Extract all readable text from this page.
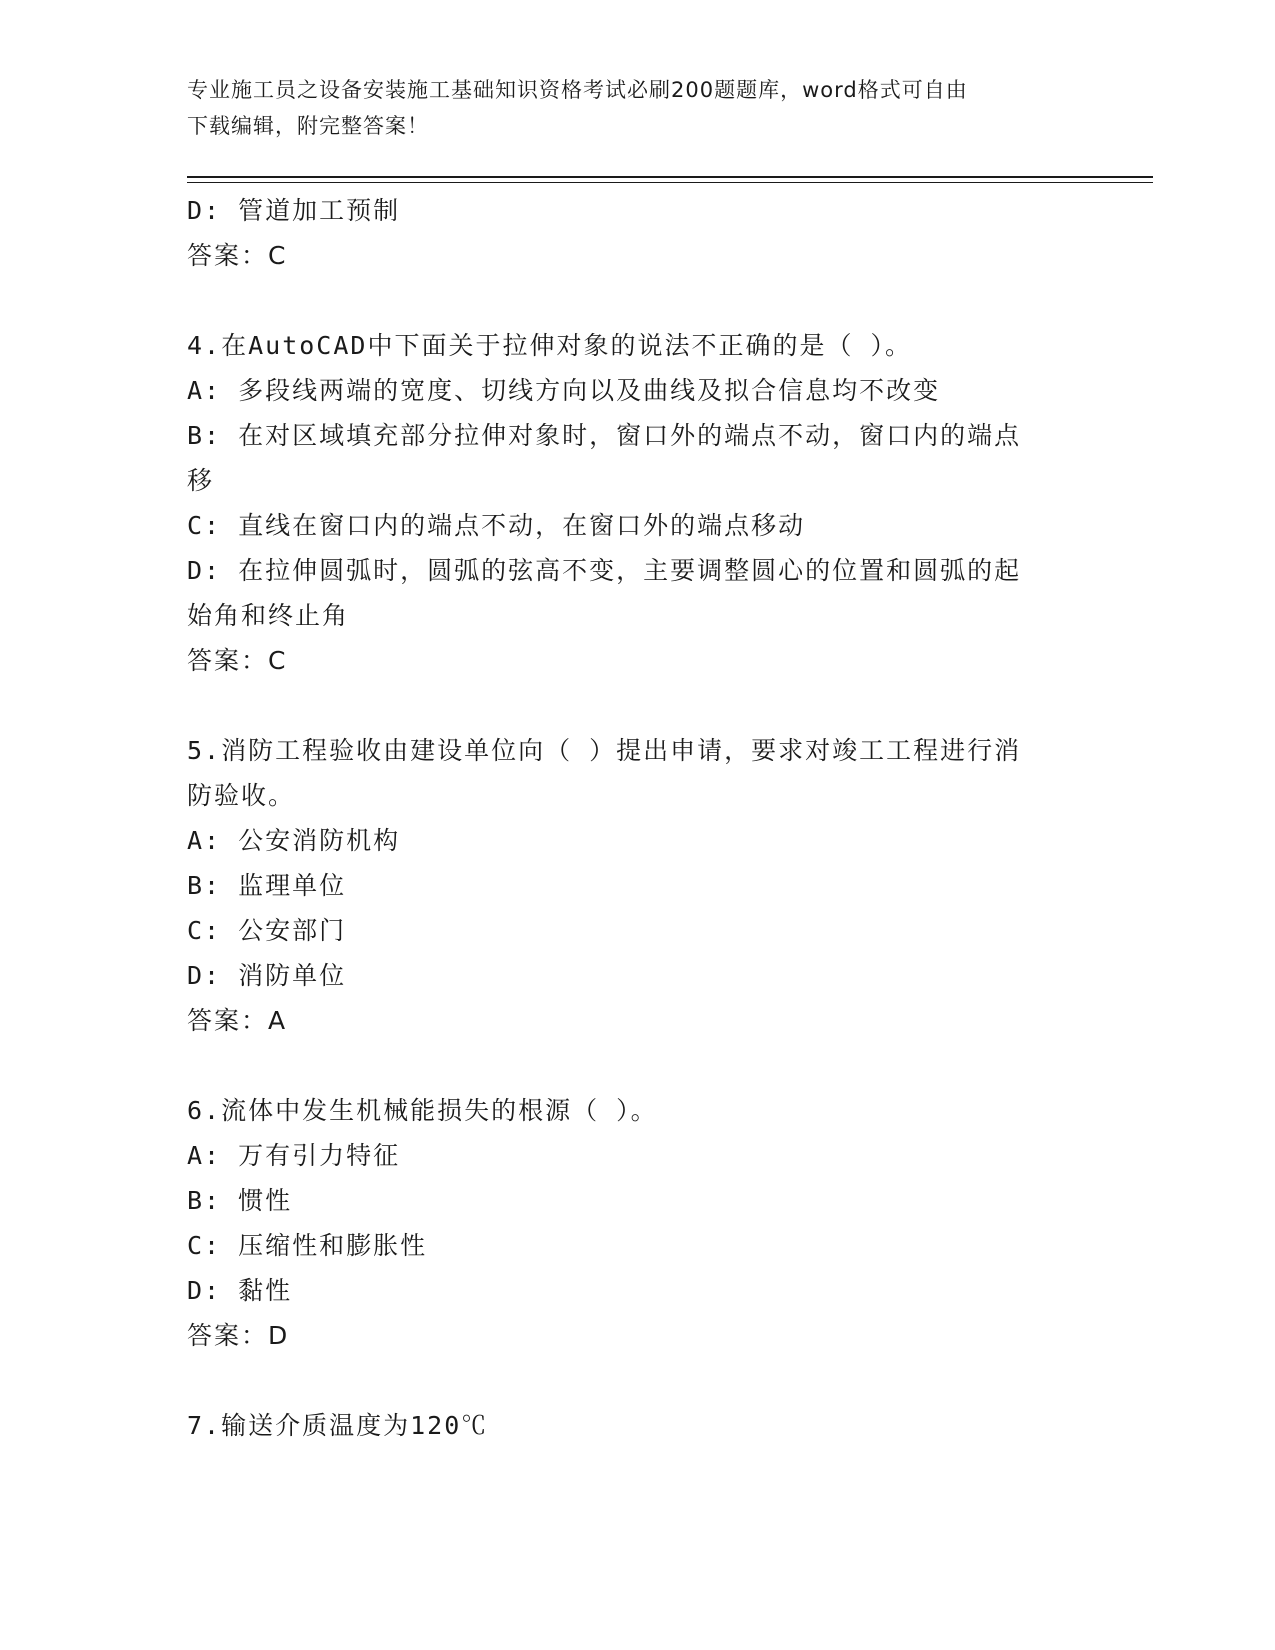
专业施工员之设备安装施工基础知识资格考试必刷200题题库，word格式可自由
下载编辑，附完整答案！
D: 管道加工预制
答案：C
4.在AutoCAD中下面关于拉伸对象的说法不正确的是（ ）。
A: 多段线两端的宽度、切线方向以及曲线及拟合信息均不改变
B: 在对区域填充部分拉伸对象时，窗口外的端点不动，窗口内的端点
移
C: 直线在窗口内的端点不动，在窗口外的端点移动
D: 在拉伸圆弧时，圆弧的弦高不变，主要调整圆心的位置和圆弧的起
始角和终止角
答案：C
5.消防工程验收由建设单位向（ ）提出申请，要求对竣工工程进行消
防验收。
A: 公安消防机构
B: 监理单位
C: 公安部门
D: 消防单位
答案：A
6.流体中发生机械能损失的根源（ ）。
A: 万有引力特征
B: 惯性
C: 压缩性和膨胀性
D: 黏性
答案：D
7.输送介质温度为120℃
